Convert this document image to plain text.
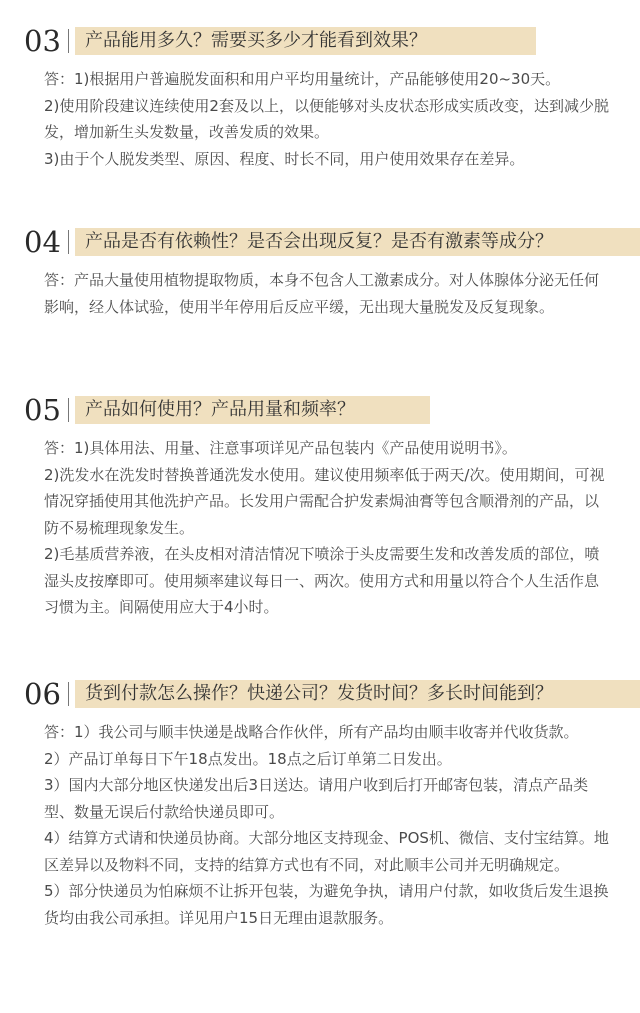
03 产品能用多久？需要买多少才能看到效果？

答：1)根据用户普遍脱发面积和用户平均用量统计，产品能够使用20~30天。

2)使用阶段建议连续使用2套及以上，以便能够对头皮状态形成实质改变，达到减少脱发，增加新生头发数量，改善发质的效果。

3)由于个人脱发类型、原因、程度、时长不同，用户使用效果存在差异。

04 产品是否有依赖性？是否会出现反复？是否有激素等成分？

答：产品大量使用植物提取物质，本身不包含人工激素成分。对人体腺体分泌无任何影响，经人体试验，使用半年停用后反应平缓，无出现大量脱发及反复现象。

05 产品如何使用？产品用量和频率？

答：1)具体用法、用量、注意事项详见产品包装内《产品使用说明书》。

2)洗发水在洗发时替换普通洗发水使用。建议使用频率低于两天/次。使用期间，可视情况穿插使用其他洗护产品。长发用户需配合护发素焗油膏等包含顺滑剂的产品，以防不易梳理现象发生。

2)毛基质营养液，在头皮相对清洁情况下喷涂于头皮需要生发和改善发质的部位，喷湿头皮按摩即可。使用频率建议每日一、两次。使用方式和用量以符合个人生活作息习惯为主。间隔使用应大于4小时。

06 货到付款怎么操作？快递公司？发货时间？多长时间能到？

答：1）我公司与顺丰快递是战略合作伙伴，所有产品均由顺丰收寄并代收货款。

2）产品订单每日下午18点发出。18点之后订单第二日发出。

3）国内大部分地区快递发出后3日送达。请用户收到后打开邮寄包装，清点产品类型、数量无误后付款给快递员即可。

4）结算方式请和快递员协商。大部分地区支持现金、POS机、微信、支付宝结算。地区差异以及物料不同，支持的结算方式也有不同，对此顺丰公司并无明确规定。

5）部分快递员为怕麻烦不让拆开包装，为避免争执，请用户付款，如收货后发生退换货均由我公司承担。详见用户15日无理由退款服务。
